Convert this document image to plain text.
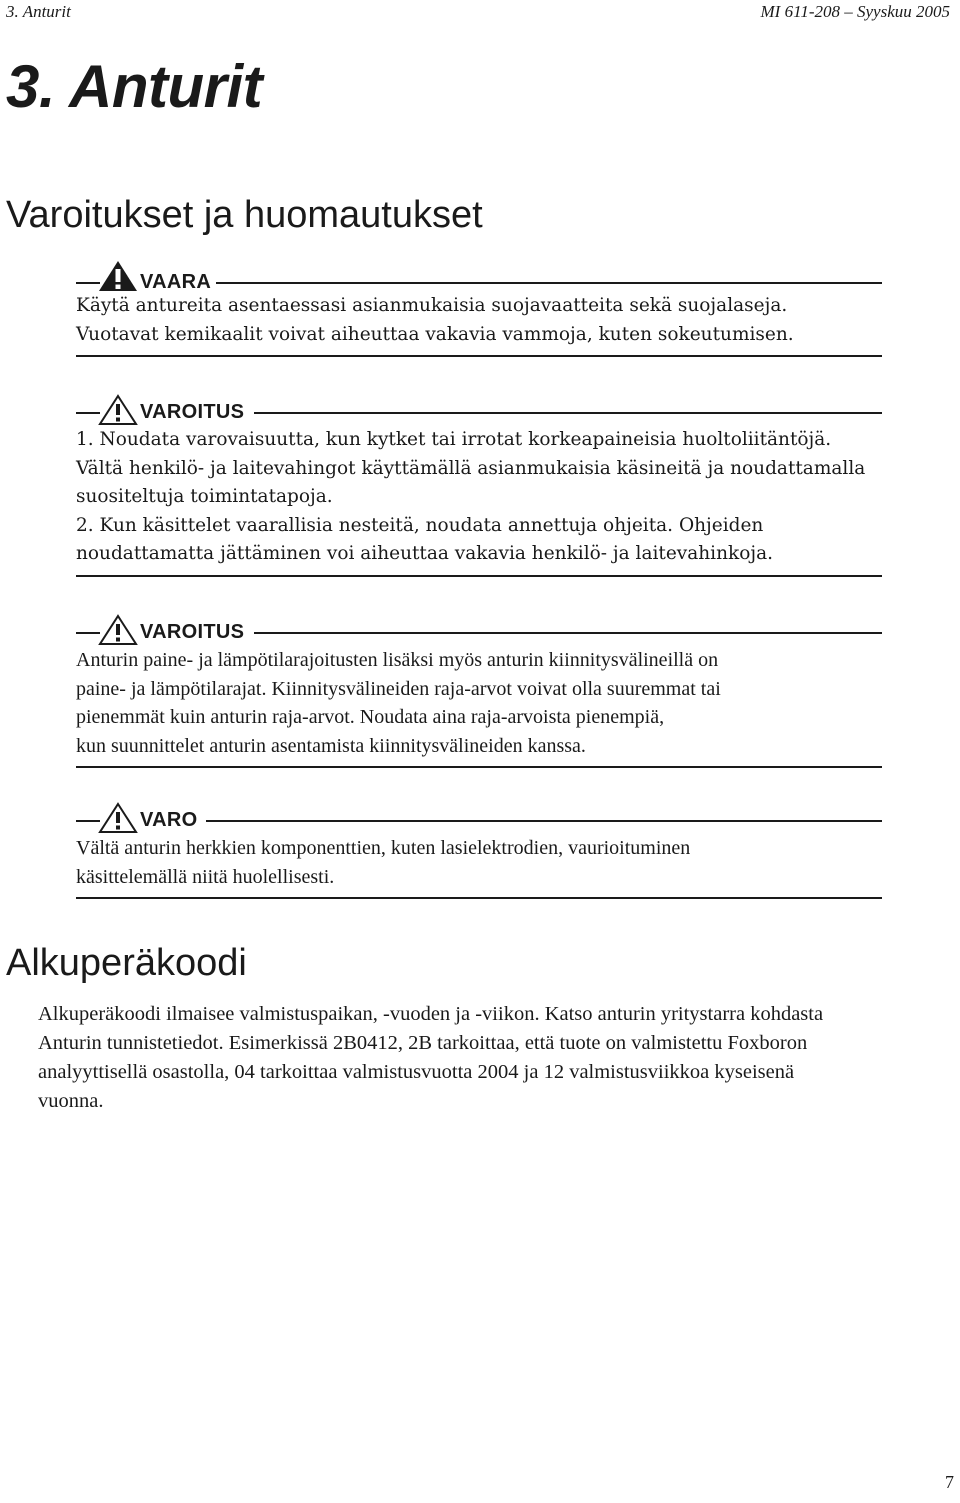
3. Anturit	MI 611-208 – Syyskuu 2005
3. Anturit
Varoitukset ja huomautukset
VAARA

Käytä antureita asentaessasi asianmukaisia suojavaatteita sekä suojalaseja.
Vuotavat kemikaalit voivat aiheuttaa vakavia vammoja, kuten sokeutumisen.

VAROITUS

1. Noudata varovaisuutta, kun kytket tai irrotat korkeapaineisia huoltoliitäntöjä.
Vältä henkilö- ja laitevahingot käyttämällä asianmukaisia käsineitä ja noudattamalla
suositeltuja toimintatapoja.
2. Kun käsittelet vaarallisia nesteitä, noudata annettuja ohjeita. Ohjeiden
noudattamatta jättäminen voi aiheuttaa vakavia henkilö- ja laitevahinkoja.

VAROITUS

Anturin paine- ja lämpötilarajoitusten lisäksi myös anturin kiinnitysvälineillä on
paine- ja lämpötilarajat. Kiinnitysvälineiden raja-arvot voivat olla suuremmat tai
pienemmät kuin anturin raja-arvot. Noudata aina raja-arvoista pienempiä,
kun suunnittelet anturin asentamista kiinnitysvälineiden kanssa.

VARO

Vältä anturin herkkien komponenttien, kuten lasielektrodien, vaurioituminen
käsittelemällä niitä huolellisesti.

Alkuperäkoodi

Alkuperäkoodi ilmaisee valmistuspaikan, -vuoden ja -viikon. Katso anturin yritystarra kohdasta
Anturin tunnistetiedot. Esimerkissä 2B0412, 2B tarkoittaa, että tuote on valmistettu Foxboron
analyyttisellä osastolla, 04 tarkoittaa valmistusvuotta 2004 ja 12 valmistusviikkoa kyseisenä
vuonna.

7
